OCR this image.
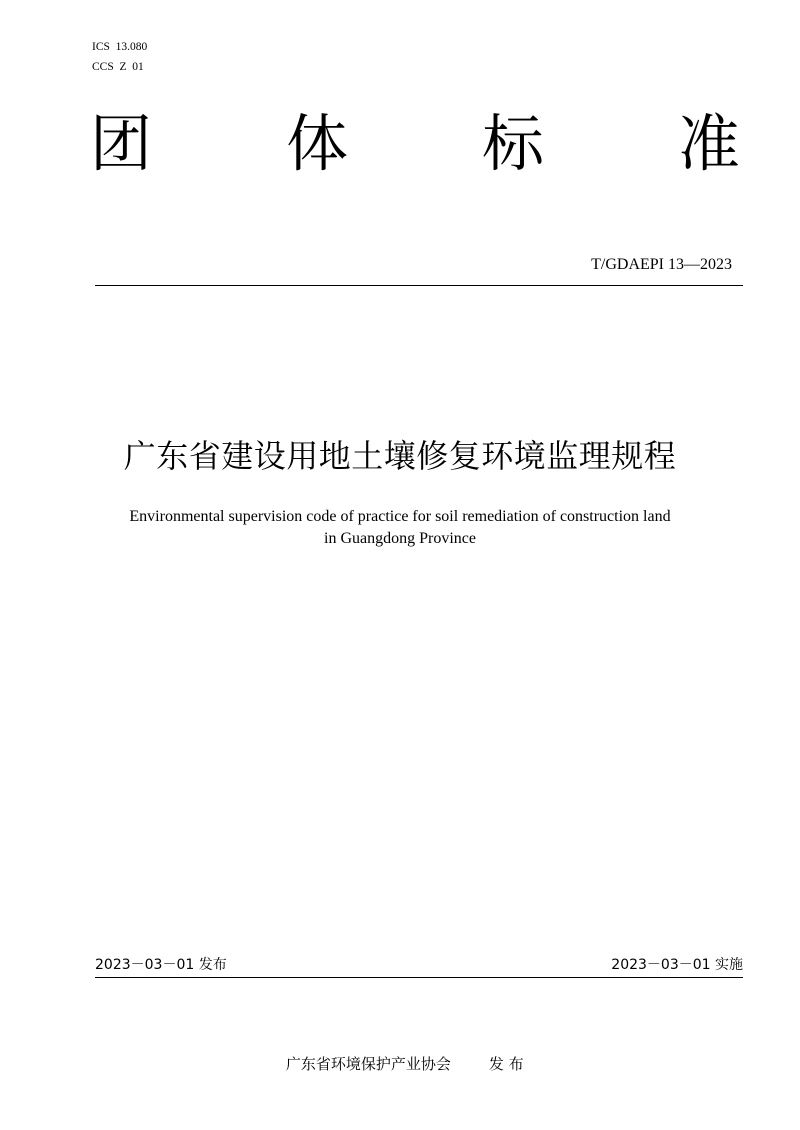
ICS  13.080
CCS  Z  01
团 体 标 准
T/GDAEPI 13—2023
广东省建设用地土壤修复环境监理规程
Environmental supervision code of practice for soil remediation of construction land
in Guangdong Province
2023－03－01 发布	2023－03－01 实施

广东省环境保护产业协会	发 布
